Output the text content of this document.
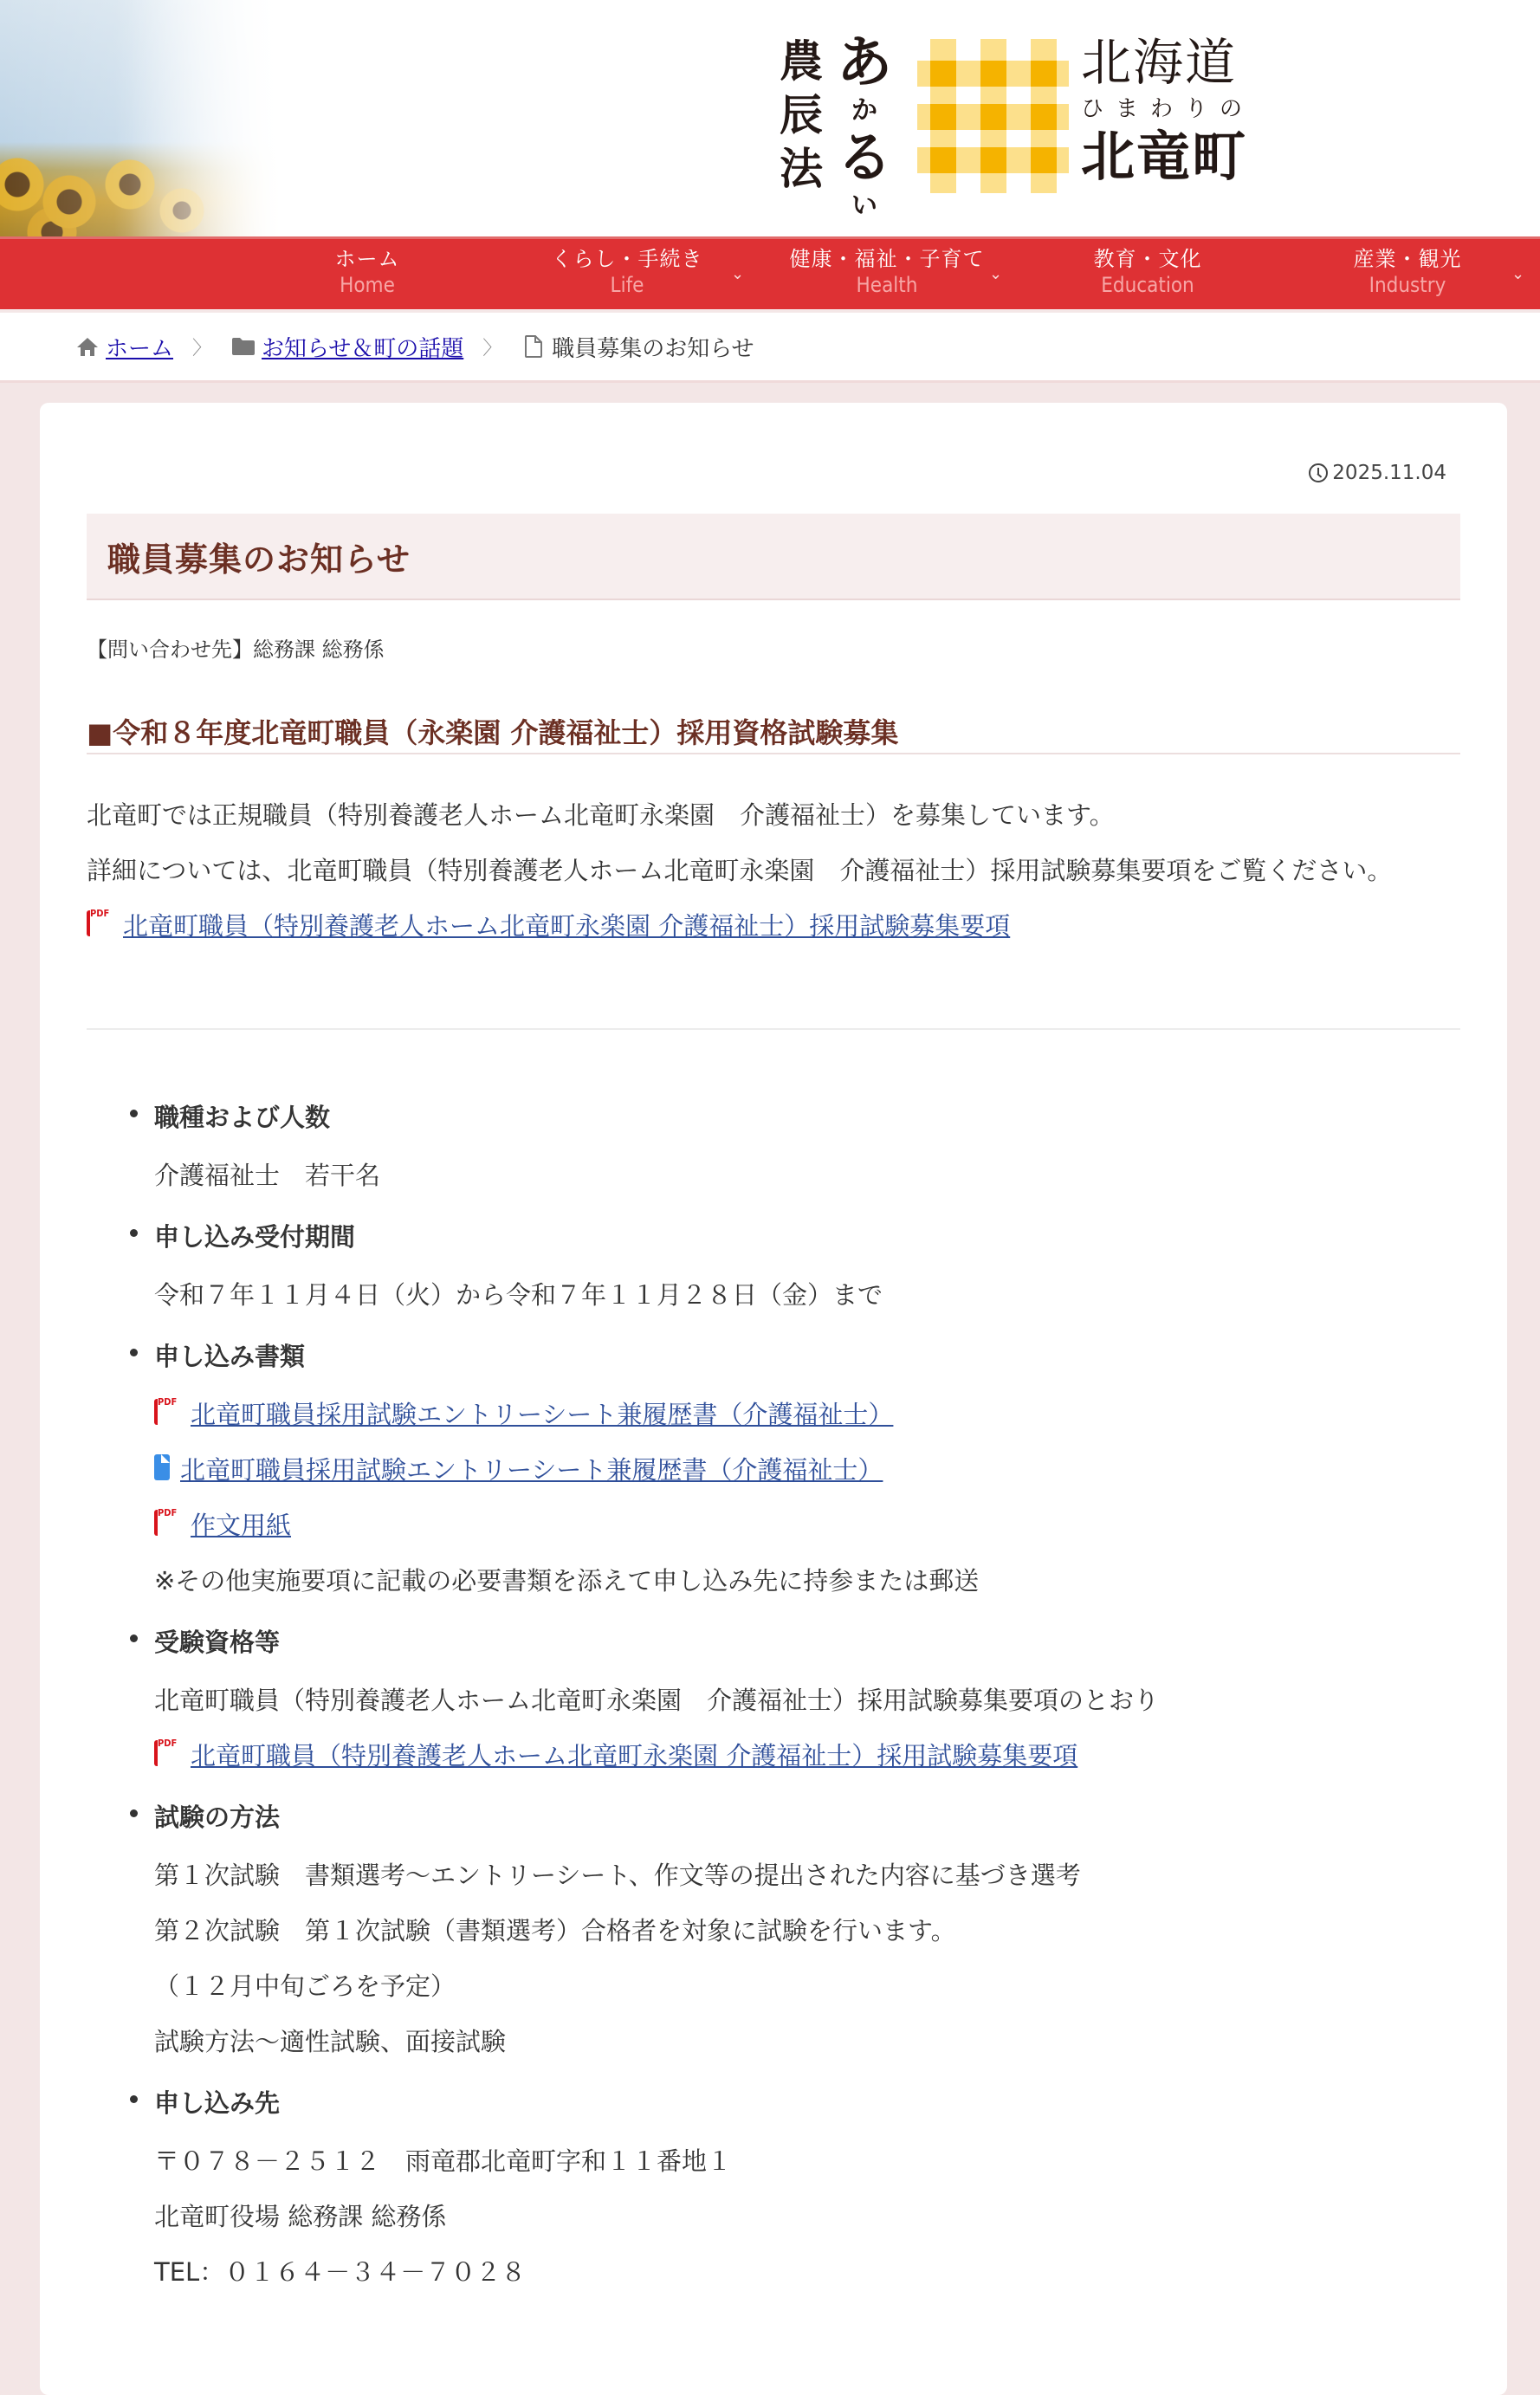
農
辰
法
あ
か
る
い
北海道
ひまわりの
北竜町
ホーム
Home
くらし・手続き
Life	⌄
健康・福祉・子育て
Health	⌄
教育・文化
Education
産業・観光
Industry	⌄
ホーム 〉 お知らせ＆町の話題 〉 職員募集のお知らせ
2025.11.04
職員募集のお知らせ
【問い合わせ先】総務課 総務係
■令和８年度北竜町職員（永楽園 介護福祉士）採用資格試験募集
北竜町では正規職員（特別養護老人ホーム北竜町永楽園　介護福祉士）を募集しています。
詳細については、北竜町職員（特別養護老人ホーム北竜町永楽園　介護福祉士）採用試験募集要項をご覧ください。
PDF 北竜町職員（特別養護老人ホーム北竜町永楽園 介護福祉士）採用試験募集要項
職種および人数
介護福祉士　若干名
申し込み受付期間
令和７年１１月４日（火）から令和７年１１月２８日（金）まで
申し込み書類
PDF 北竜町職員採用試験エントリーシート兼履歴書（介護福祉士）
W
北竜町職員採用試験エントリーシート兼履歴書（介護福祉士）
PDF 作文用紙
※その他実施要項に記載の必要書類を添えて申し込み先に持参または郵送
受験資格等
北竜町職員（特別養護老人ホーム北竜町永楽園　介護福祉士）採用試験募集要項のとおり
PDF 北竜町職員（特別養護老人ホーム北竜町永楽園 介護福祉士）採用試験募集要項
試験の方法
第１次試験　書類選考～エントリーシート、作文等の提出された内容に基づき選考
第２次試験　第１次試験（書類選考）合格者を対象に試験を行います。
（１２月中旬ごろを予定）
試験方法～適性試験、面接試験
申し込み先
〒０７８－２５１２　雨竜郡北竜町字和１１番地１
北竜町役場 総務課 総務係
TEL：０１６４－３４－７０２８
